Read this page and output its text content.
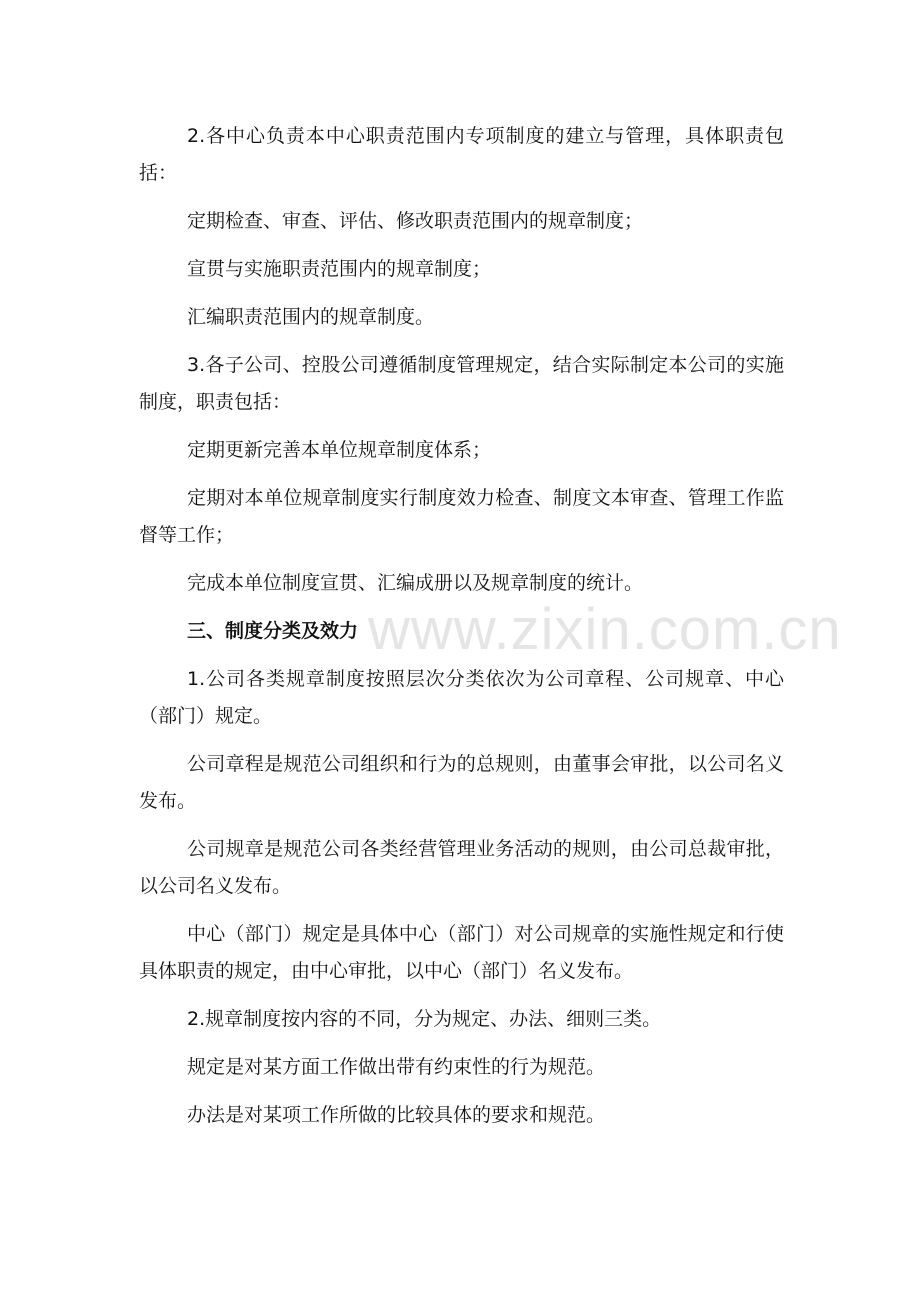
2.各中心负责本中心职责范围内专项制度的建立与管理，具体职责包括：

定期检查、审查、评估、修改职责范围内的规章制度；

宣贯与实施职责范围内的规章制度；

汇编职责范围内的规章制度。

3.各子公司、控股公司遵循制度管理规定，结合实际制定本公司的实施制度，职责包括：

定期更新完善本单位规章制度体系；

定期对本单位规章制度实行制度效力检查、制度文本审查、管理工作监督等工作；

完成本单位制度宣贯、汇编成册以及规章制度的统计。

三、制度分类及效力

1.公司各类规章制度按照层次分类依次为公司章程、公司规章、中心（部门）规定。

公司章程是规范公司组织和行为的总规则，由董事会审批，以公司名义发布。

公司规章是规范公司各类经营管理业务活动的规则，由公司总裁审批，以公司名义发布。

中心（部门）规定是具体中心（部门）对公司规章的实施性规定和行使具体职责的规定，由中心审批，以中心（部门）名义发布。

2.规章制度按内容的不同，分为规定、办法、细则三类。

规定是对某方面工作做出带有约束性的行为规范。

办法是对某项工作所做的比较具体的要求和规范。

www.zixin.com.cn
